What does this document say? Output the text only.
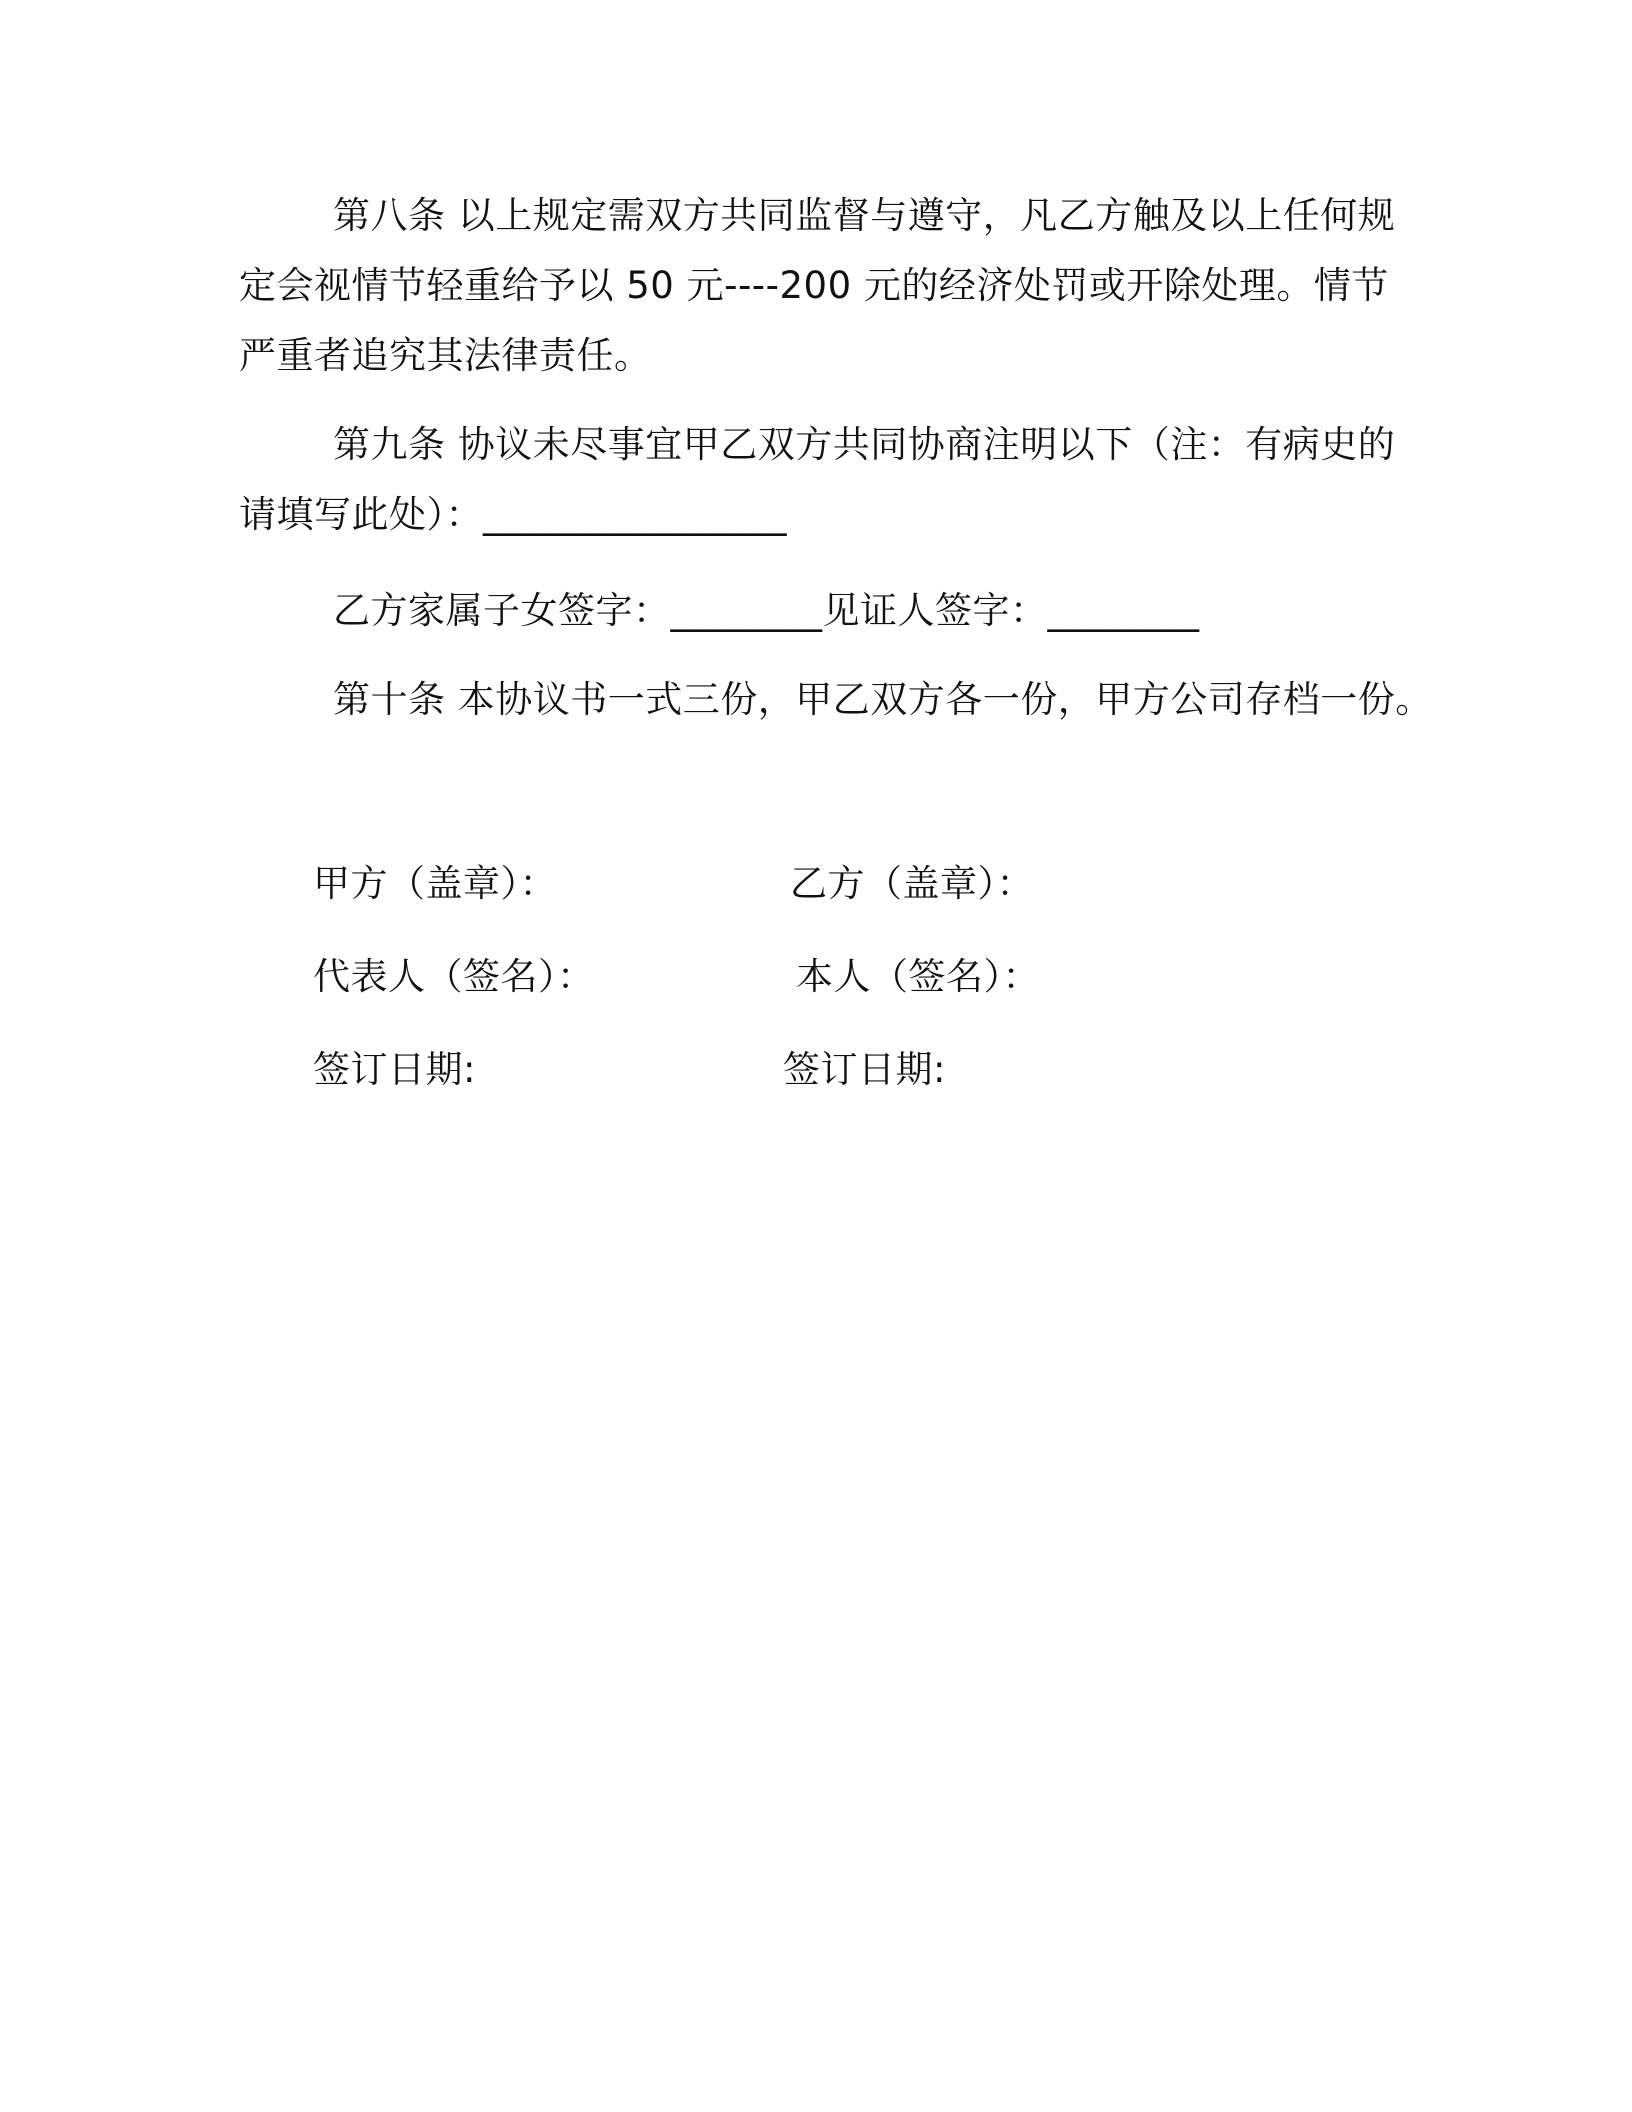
第八条 以上规定需双方共同监督与遵守，凡乙方触及以上任何规
定会视情节轻重给予以 50 元----200 元的经济处罚或开除处理。情节
严重者追究其法律责任。
第九条 协议未尽事宜甲乙双方共同协商注明以下（注：有病史的
请填写此处）：________________
乙方家属子女签字：________见证人签字：________
第十条 本协议书一式三份，甲乙双方各一份，甲方公司存档一份。
甲方（盖章）：	乙方（盖章）：
代表人（签名）：	本人（签名）：
签订日期:	签订日期:
